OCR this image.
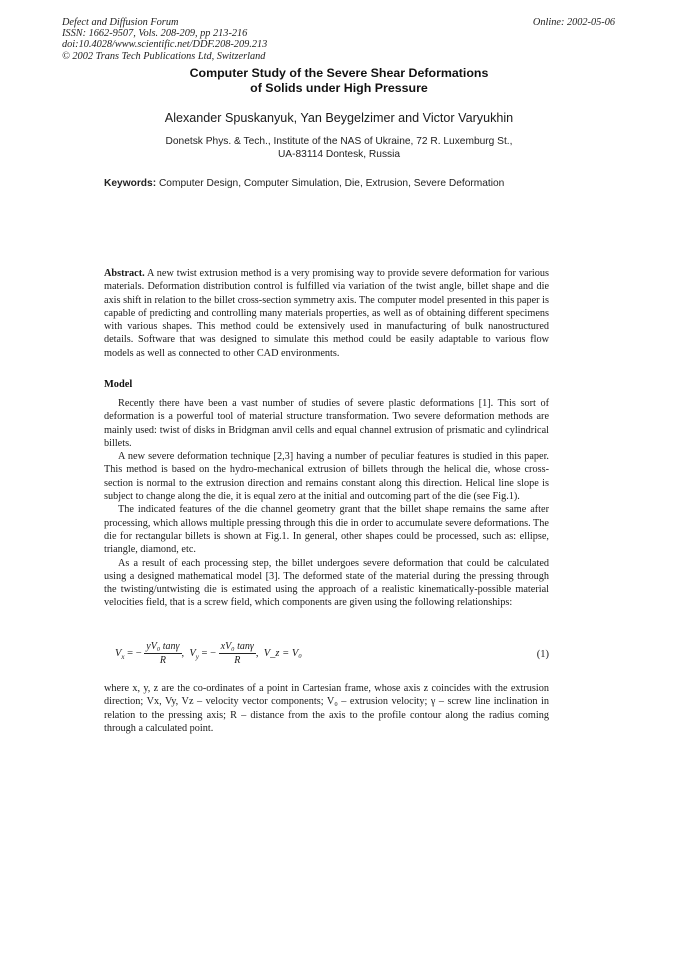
Defect and Diffusion Forum
ISSN: 1662-9507, Vols. 208-209, pp 213-216
doi:10.4028/www.scientific.net/DDF.208-209.213
© 2002 Trans Tech Publications Ltd, Switzerland
Online: 2002-05-06
Computer Study of the Severe Shear Deformations
of Solids under High Pressure
Alexander Spuskanyuk, Yan Beygelzimer and Victor Varyukhin
Donetsk Phys. & Tech., Institute of the NAS of Ukraine, 72 R. Luxemburg St.,
UA-83114 Dontesk, Russia
Keywords: Computer Design, Computer Simulation, Die, Extrusion, Severe Deformation

Abstract. A new twist extrusion method is a very promising way to provide severe deformation for various materials. Deformation distribution control is fulfilled via variation of the twist angle, billet shape and die axis shift in relation to the billet cross-section symmetry axis. The computer model presented in this paper is capable of predicting and controlling many materials properties, as well as of obtaining different specimens with various shapes. This method could be extensively used in manufacturing of bulk nanostructured details. Software that was designed to simulate this method could be easily adaptable to various flow models as well as connected to other CAD environments.

Model

Recently there have been a vast number of studies of severe plastic deformations [1]. This sort of deformation is a powerful tool of material structure transformation. Two severe deformation methods are mainly used: twist of disks in Bridgman anvil cells and equal channel extrusion of prismatic and cylindrical billets.

A new severe deformation technique [2,3] having a number of peculiar features is studied in this paper. This method is based on the hydro-mechanical extrusion of billets through the helical die, whose cross-section is normal to the extrusion direction and remains constant along this direction. Helical line slope is subject to change along the die, it is equal zero at the initial and outcoming part of the die (see Fig.1).

The indicated features of the die channel geometry grant that the billet shape remains the same after processing, which allows multiple pressing through this die in order to accumulate severe deformations. The die for rectangular billets is shown at Fig.1. In general, other shapes could be processed, such as: ellipse, triangle, diamond, etc.

As a result of each processing step, the billet undergoes severe deformation that could be calculated using a designed mathematical model [3]. The deformed state of the material during the pressing through the twisting/untwisting die is estimated using the approach of a realistic kinematically-possible material velocities field, that is a screw field, which components are given using the following relationships:

$V_x$ = − $\frac{\text{yV₀ tanγ}}{R}$ , $V_y$ = − $\frac{\text{xV₀ tanγ}}{R}$ , V_z = V₀	(1)

where x, y, z are the co-ordinates of a point in Cartesian frame, whose axis z coincides with the extrusion direction; Vx, Vy, Vz – velocity vector components; V₀ – extrusion velocity; γ – screw line inclination in relation to the pressing axis; R – distance from the axis to the profile contour along the radius coming through a calculated point.
